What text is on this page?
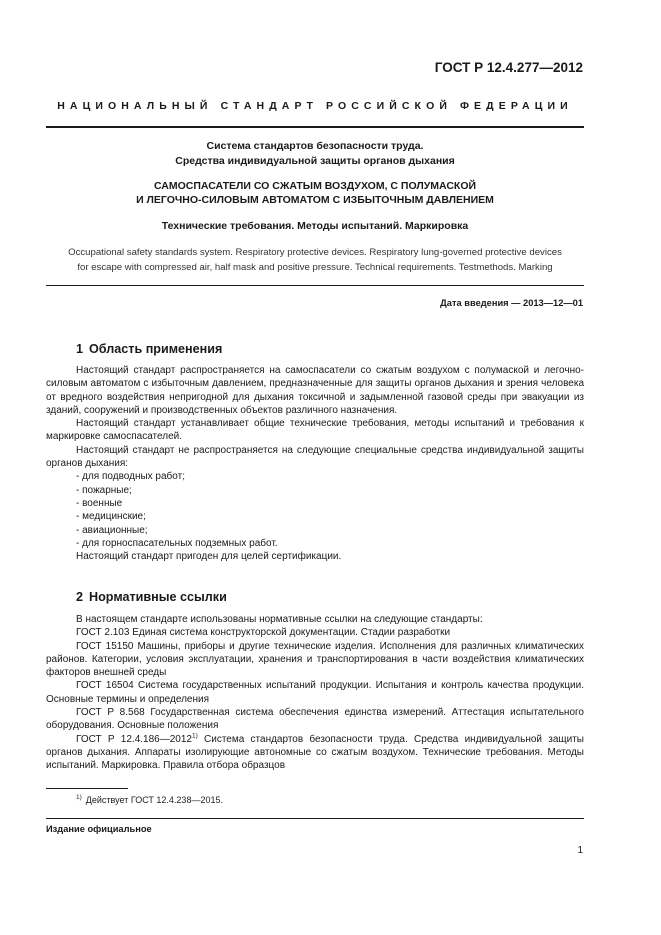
ГОСТ Р 12.4.277—2012
НАЦИОНАЛЬНЫЙ СТАНДАРТ РОССИЙСКОЙ ФЕДЕРАЦИИ
Система стандартов безопасности труда.
Средства индивидуальной защиты органов дыхания
САМОСПАСАТЕЛИ СО СЖАТЫМ ВОЗДУХОМ, С ПОЛУМАСКОЙ
И ЛЕГОЧНО-СИЛОВЫМ АВТОМАТОМ С ИЗБЫТОЧНЫМ ДАВЛЕНИЕМ
Технические требования. Методы испытаний. Маркировка
Occupational safety standards system. Respiratory protective devices. Respiratory lung-governed protective devices
for escape with compressed air, half mask and positive pressure. Technical requirements. Testmethods. Marking
Дата введения — 2013—12—01
1 Область применения

Настоящий стандарт распространяется на самоспасатели со сжатым воздухом с полумаской и легочно-силовым автоматом с избыточным давлением, предназначенные для защиты органов дыхания и зрения человека от вредного воздействия непригодной для дыхания токсичной и задымленной газовой среды при эвакуации из зданий, сооружений и производственных объектов различного назначения.

Настоящий стандарт устанавливает общие технические требования, методы испытаний и требования к маркировке самоспасателей.

Настоящий стандарт не распространяется на следующие специальные средства индивидуальной защиты органов дыхания:

- для подводных работ;

- пожарные;

- военные

- медицинские;

- авиационные;

- для горноспасательных подземных работ.

Настоящий стандарт пригоден для целей сертификации.

2 Нормативные ссылки

В настоящем стандарте использованы нормативные ссылки на следующие стандарты:

ГОСТ 2.103 Единая система конструкторской документации. Стадии разработки

ГОСТ 15150 Машины, приборы и другие технические изделия. Исполнения для различных климатических районов. Категории, условия эксплуатации, хранения и транспортирования в части воздействия климатических факторов внешней среды

ГОСТ 16504 Система государственных испытаний продукции. Испытания и контроль качества продукции. Основные термины и определения

ГОСТ Р 8.568 Государственная система обеспечения единства измерений. Аттестация испытательного оборудования. Основные положения

ГОСТ Р 12.4.186—2012$^{1)}$ Система стандартов безопасности труда. Средства индивидуальной защиты органов дыхания. Аппараты изолирующие автономные со сжатым воздухом. Технические требования. Методы испытаний. Маркировка. Правила отбора образцов

$^{1)}$ Действует ГОСТ 12.4.238—2015.
Издание официальное
1
